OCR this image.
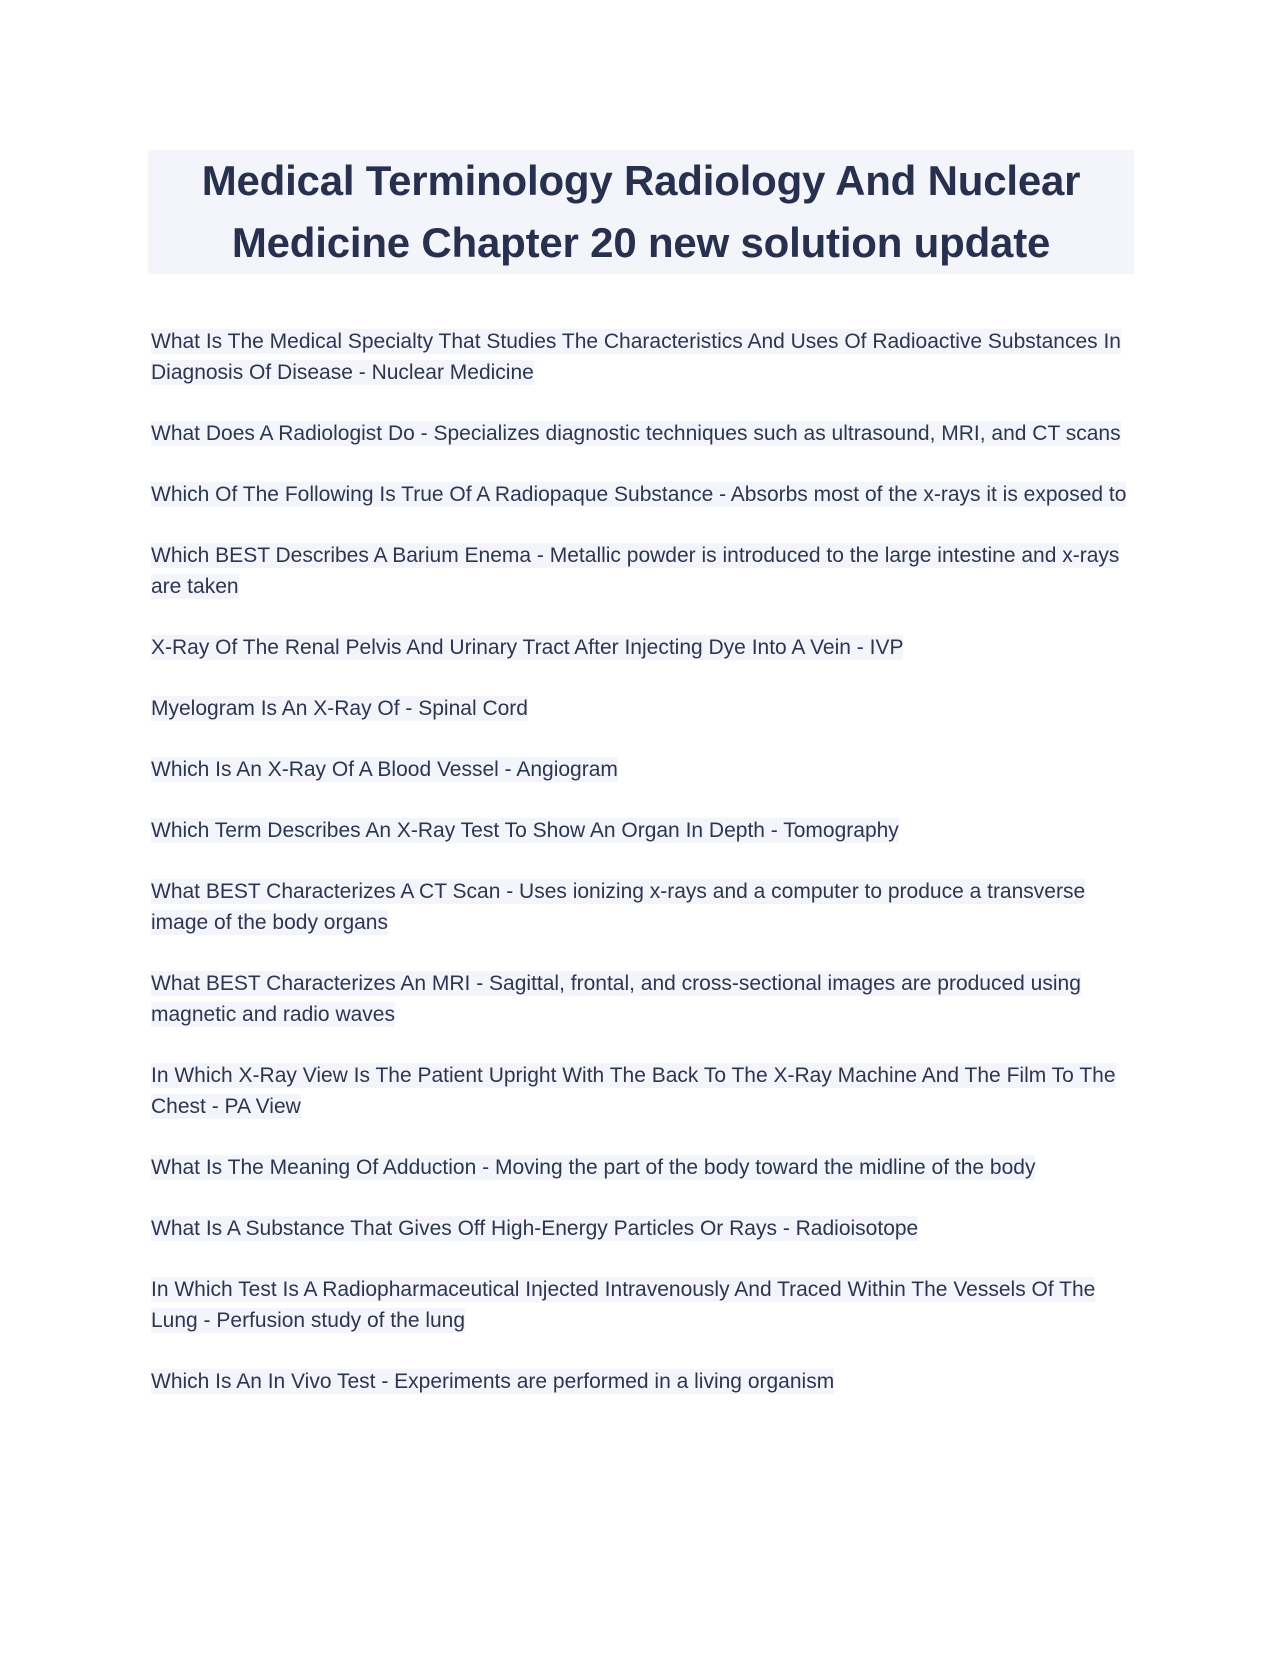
Medical Terminology Radiology And Nuclear Medicine Chapter 20 new solution update
What Is The Medical Specialty That Studies The Characteristics And Uses Of Radioactive Substances In Diagnosis Of Disease - Nuclear Medicine
What Does A Radiologist Do - Specializes diagnostic techniques such as ultrasound, MRI, and CT scans
Which Of The Following Is True Of A Radiopaque Substance - Absorbs most of the x-rays it is exposed to
Which BEST Describes A Barium Enema - Metallic powder is introduced to the large intestine and x-rays are taken
X-Ray Of The Renal Pelvis And Urinary Tract After Injecting Dye Into A Vein - IVP
Myelogram Is An X-Ray Of - Spinal Cord
Which Is An X-Ray Of A Blood Vessel - Angiogram
Which Term Describes An X-Ray Test To Show An Organ In Depth - Tomography
What BEST Characterizes A CT Scan - Uses ionizing x-rays and a computer to produce a transverse image of the body organs
What BEST Characterizes An MRI - Sagittal, frontal, and cross-sectional images are produced using magnetic and radio waves
In Which X-Ray View Is The Patient Upright With The Back To The X-Ray Machine And The Film To The Chest - PA View
What Is The Meaning Of Adduction - Moving the part of the body toward the midline of the body
What Is A Substance That Gives Off High-Energy Particles Or Rays - Radioisotope
In Which Test Is A Radiopharmaceutical Injected Intravenously And Traced Within The Vessels Of The Lung - Perfusion study of the lung
Which Is An In Vivo Test - Experiments are performed in a living organism
